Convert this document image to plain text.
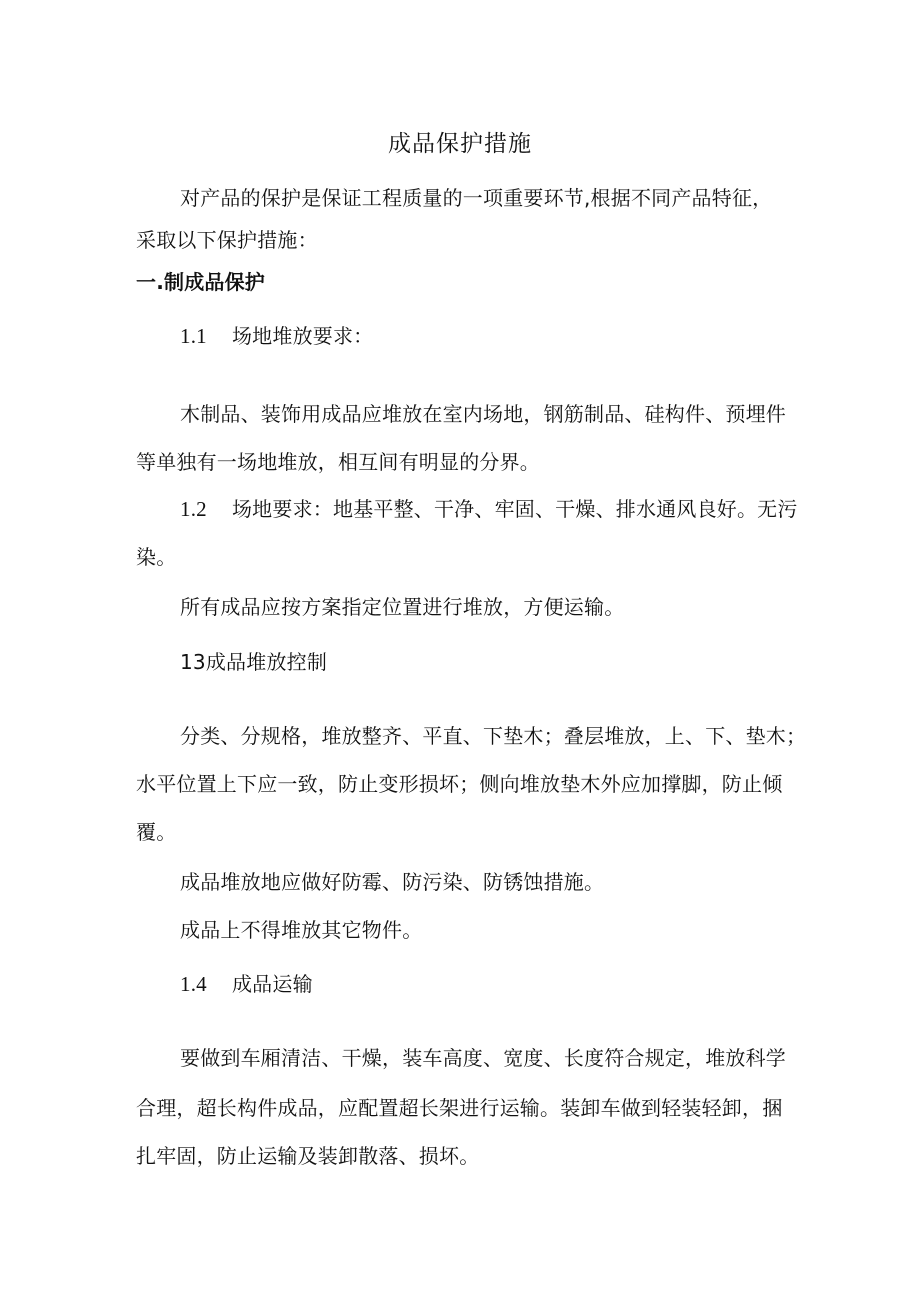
成品保护措施
对产品的保护是保证工程质量的一项重要环节,根据不同产品特征，
采取以下保护措施：
一.制成品保护
1.1 场地堆放要求：
木制品、装饰用成品应堆放在室内场地，钢筋制品、硅构件、预埋件
等单独有一场地堆放，相互间有明显的分界。
1.2 场地要求：地基平整、干净、牢固、干燥、排水通风良好。无污
染。
所有成品应按方案指定位置进行堆放，方便运输。
13成品堆放控制
分类、分规格，堆放整齐、平直、下垫木；叠层堆放，上、下、垫木；
水平位置上下应一致，防止变形损坏；侧向堆放垫木外应加撑脚，防止倾
覆。
成品堆放地应做好防霉、防污染、防锈蚀措施。
成品上不得堆放其它物件。
1.4 成品运输
要做到车厢清洁、干燥，装车高度、宽度、长度符合规定，堆放科学
合理，超长构件成品，应配置超长架进行运输。装卸车做到轻装轻卸，捆
扎牢固，防止运输及装卸散落、损坏。
